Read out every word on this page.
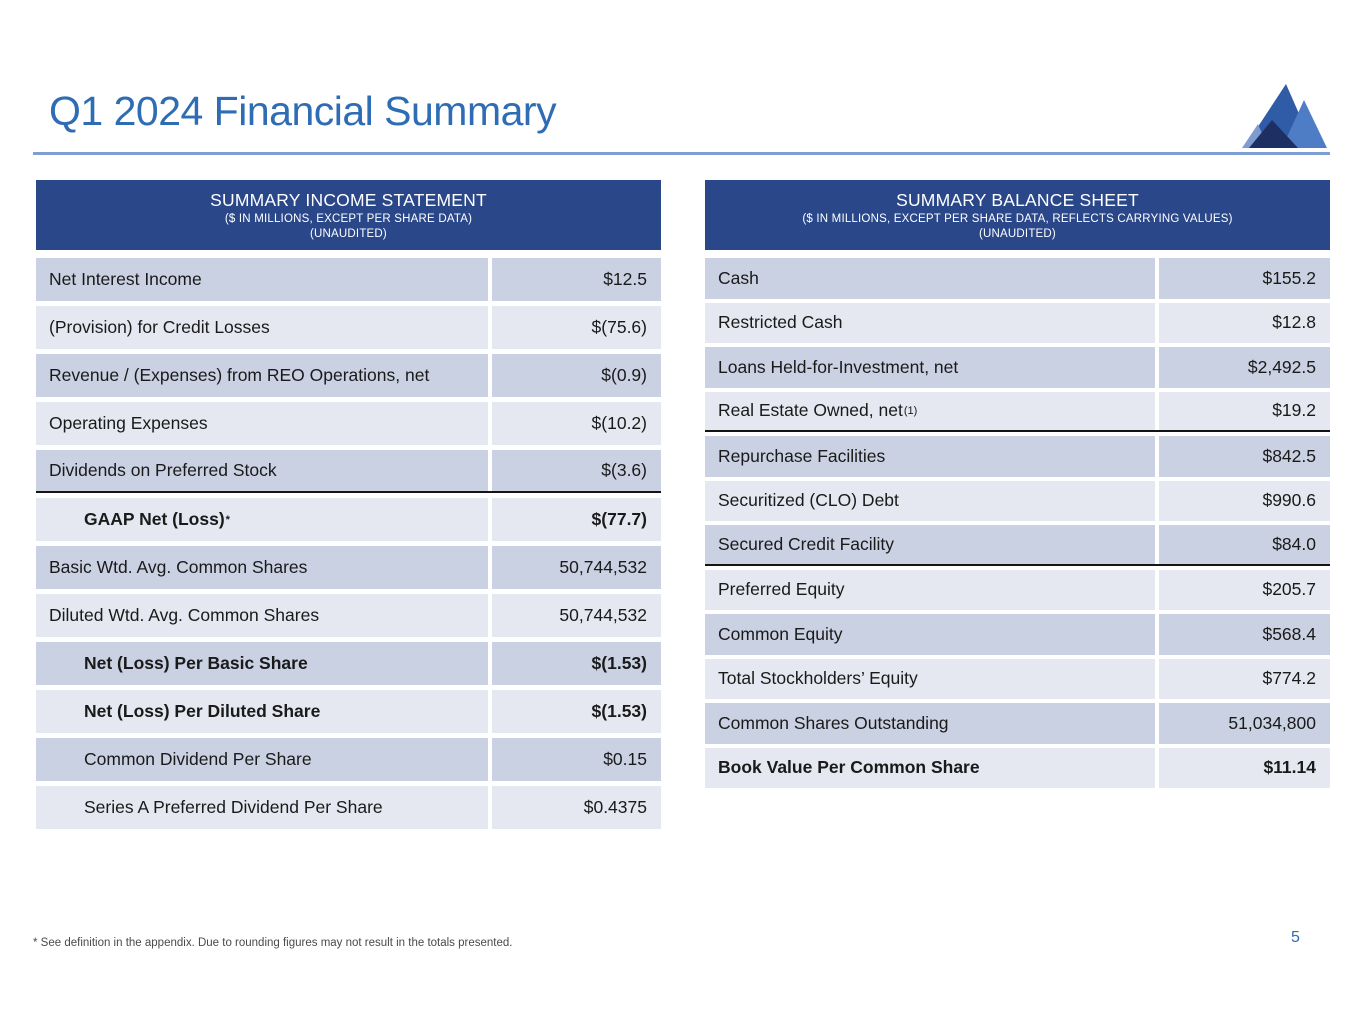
Q1 2024 Financial Summary
SUMMARY INCOME STATEMENT
($ IN MILLIONS, EXCEPT PER SHARE DATA)
(UNAUDITED)
Net Interest Income	$12.5
(Provision) for Credit Losses	$(75.6)
Revenue / (Expenses) from REO Operations, net	$(0.9)
Operating Expenses	$(10.2)
Dividends on Preferred Stock	$(3.6)
GAAP Net (Loss) *	$(77.7)
Basic Wtd. Avg. Common Shares	50,744,532
Diluted Wtd. Avg. Common Shares	50,744,532
Net (Loss) Per Basic Share	$(1.53)
Net (Loss) Per Diluted Share	$(1.53)
Common Dividend Per Share	$0.15
Series A Preferred Dividend Per Share	$0.4375
SUMMARY BALANCE SHEET
($ IN MILLIONS, EXCEPT PER SHARE DATA, REFLECTS CARRYING VALUES)
(UNAUDITED)
Cash	$155.2
Restricted Cash	$12.8
Loans Held-for-Investment, net	$2,492.5
Real Estate Owned, net (1)	$19.2
Repurchase Facilities	$842.5
Securitized (CLO) Debt	$990.6
Secured Credit Facility	$84.0
Preferred Equity	$205.7
Common Equity	$568.4
Total Stockholders’ Equity	$774.2
Common Shares Outstanding	51,034,800
Book Value Per Common Share	$11.14
* See definition in the appendix. Due to rounding figures may not result in the totals presented.	5
